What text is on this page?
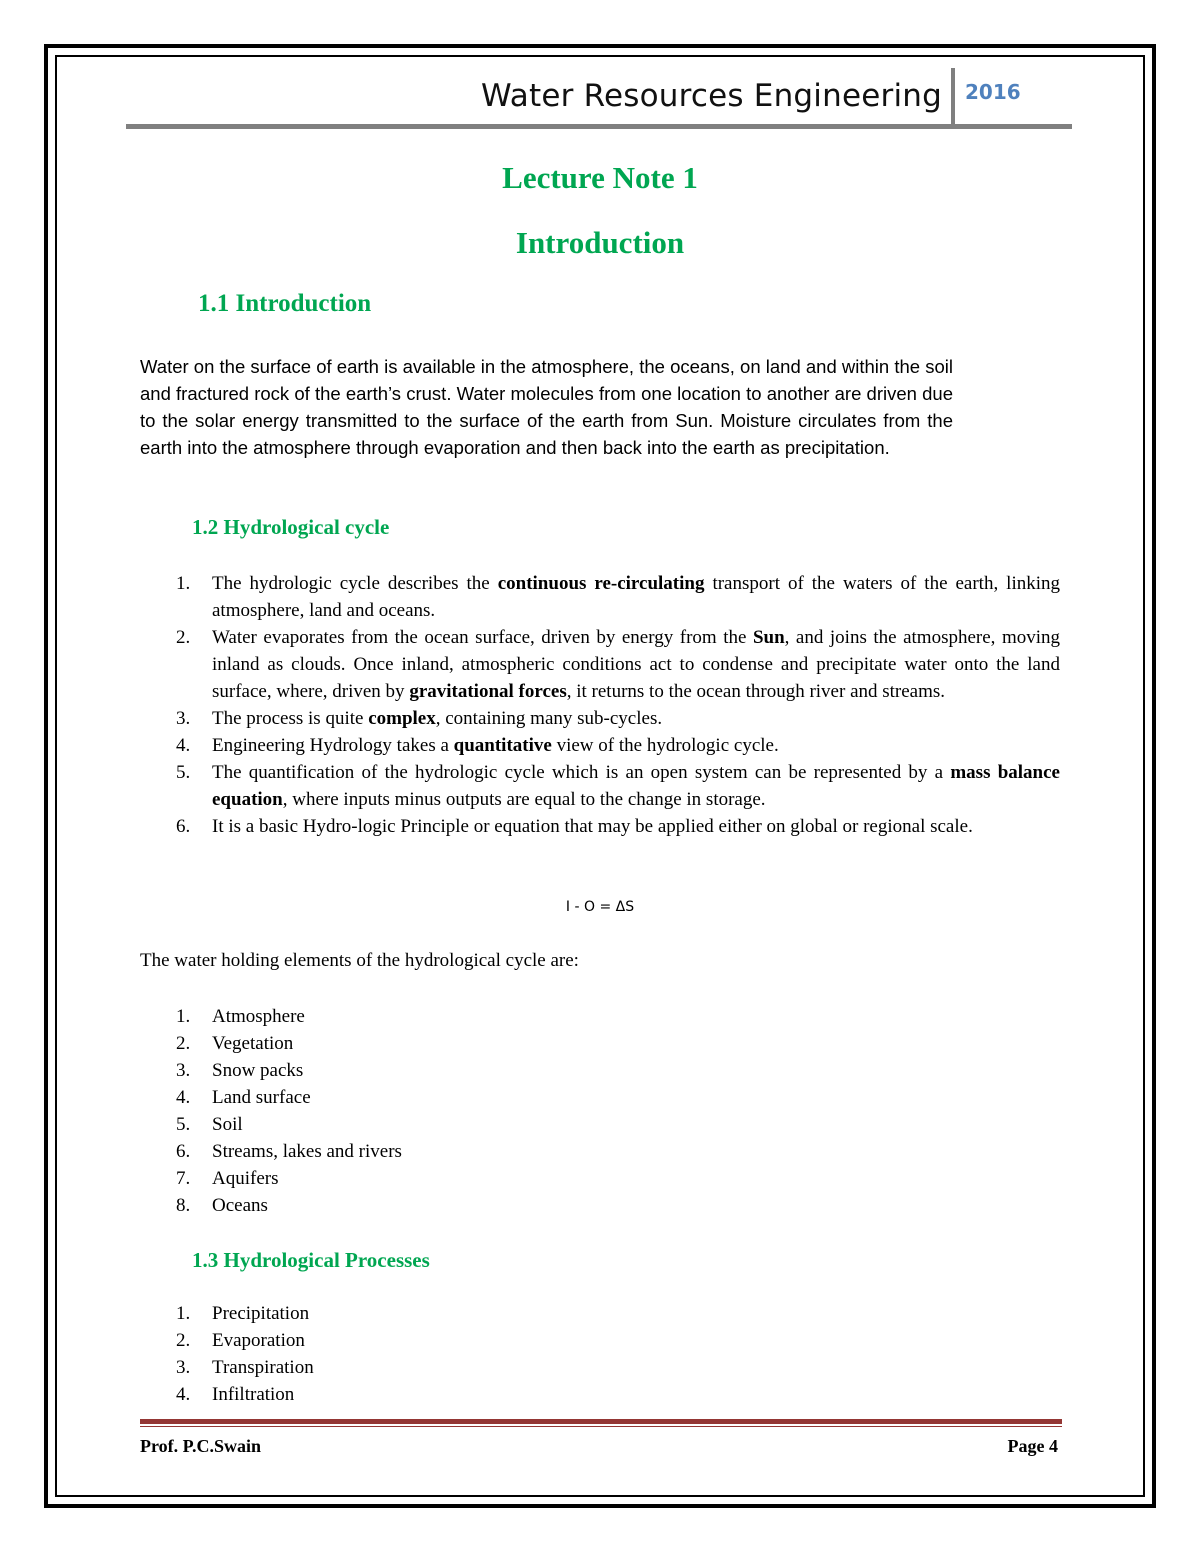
Water Resources Engineering 2016
Lecture Note 1
Introduction
1.1 Introduction

Water on the surface of earth is available in the atmosphere, the oceans, on land and within the soil and fractured rock of the earth’s crust. Water molecules from one location to another are driven due to the solar energy transmitted to the surface of the earth from Sun. Moisture circulates from the earth into the atmosphere through evaporation and then back into the earth as precipitation.

1.2 Hydrological cycle
1. The hydrologic cycle describes the continuous re-circulating transport of the waters of the earth, linking atmosphere, land and oceans.
2. Water evaporates from the ocean surface, driven by energy from the Sun, and joins the atmosphere, moving inland as clouds. Once inland, atmospheric conditions act to condense and precipitate water onto the land surface, where, driven by gravitational forces, it returns to the ocean through river and streams.
3. The process is quite complex, containing many sub-cycles.
4. Engineering Hydrology takes a quantitative view of the hydrologic cycle.
5. The quantification of the hydrologic cycle which is an open system can be represented by a mass balance equation, where inputs minus outputs are equal to the change in storage.
6. It is a basic Hydro-logic Principle or equation that may be applied either on global or regional scale.
I - O = ΔS
The water holding elements of the hydrological cycle are:
1. Atmosphere
2. Vegetation
3. Snow packs
4. Land surface
5. Soil
6. Streams, lakes and rivers
7. Aquifers
8. Oceans
1.3 Hydrological Processes
1. Precipitation
2. Evaporation
3. Transpiration
4. Infiltration
Prof. P.C.Swain	Page 4
